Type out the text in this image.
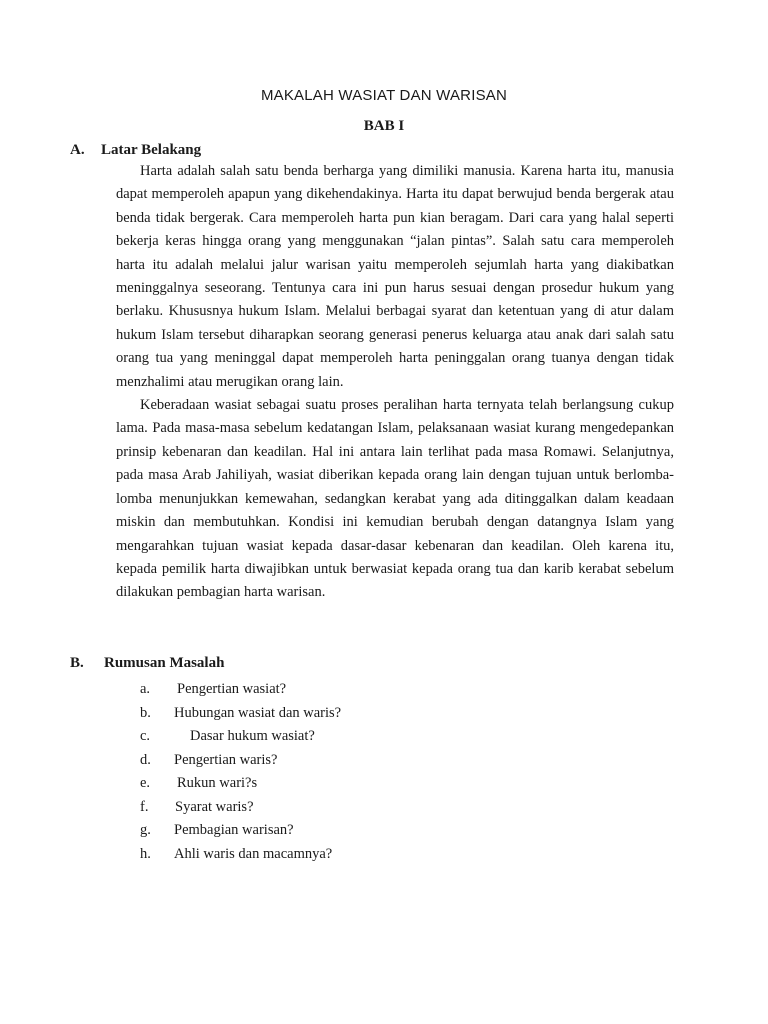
MAKALAH WASIAT DAN WARISAN
BAB I
A. Latar Belakang

Harta adalah salah satu benda berharga yang dimiliki manusia. Karena harta itu, manusia dapat memperoleh apapun yang dikehendakinya. Harta itu dapat berwujud benda bergerak atau benda tidak bergerak. Cara memperoleh harta pun kian beragam. Dari cara yang halal seperti bekerja keras hingga orang yang menggunakan “jalan pintas”. Salah satu cara memperoleh harta itu adalah melalui jalur warisan yaitu memperoleh sejumlah harta yang diakibatkan meninggalnya seseorang. Tentunya cara ini pun harus sesuai dengan prosedur hukum yang berlaku. Khususnya hukum Islam. Melalui berbagai syarat dan ketentuan yang di atur dalam hukum Islam tersebut diharapkan seorang generasi penerus keluarga atau anak dari salah satu orang tua yang meninggal dapat memperoleh harta peninggalan orang tuanya dengan tidak menzhalimi atau merugikan orang lain.

Keberadaan wasiat sebagai suatu proses peralihan harta ternyata telah berlangsung cukup lama. Pada masa-masa sebelum kedatangan Islam, pelaksanaan wasiat kurang mengedepankan prinsip kebenaran dan keadilan. Hal ini antara lain terlihat pada masa Romawi. Selanjutnya, pada masa Arab Jahiliyah, wasiat diberikan kepada orang lain dengan tujuan untuk berlomba-lomba menunjukkan kemewahan, sedangkan kerabat yang ada ditinggalkan dalam keadaan miskin dan membutuhkan. Kondisi ini kemudian berubah dengan datangnya Islam yang mengarahkan tujuan wasiat kepada dasar-dasar kebenaran dan keadilan. Oleh karena itu, kepada pemilik harta diwajibkan untuk berwasiat kepada orang tua dan karib kerabat sebelum dilakukan pembagian harta warisan.

B. Rumusan Masalah
a. Pengertian wasiat?
b. Hubungan wasiat dan waris?
c.	Dasar hukum wasiat?
d. Pengertian waris?
e. Rukun wari?s
f. Syarat waris?
g. Pembagian warisan?
h. Ahli waris dan macamnya?
